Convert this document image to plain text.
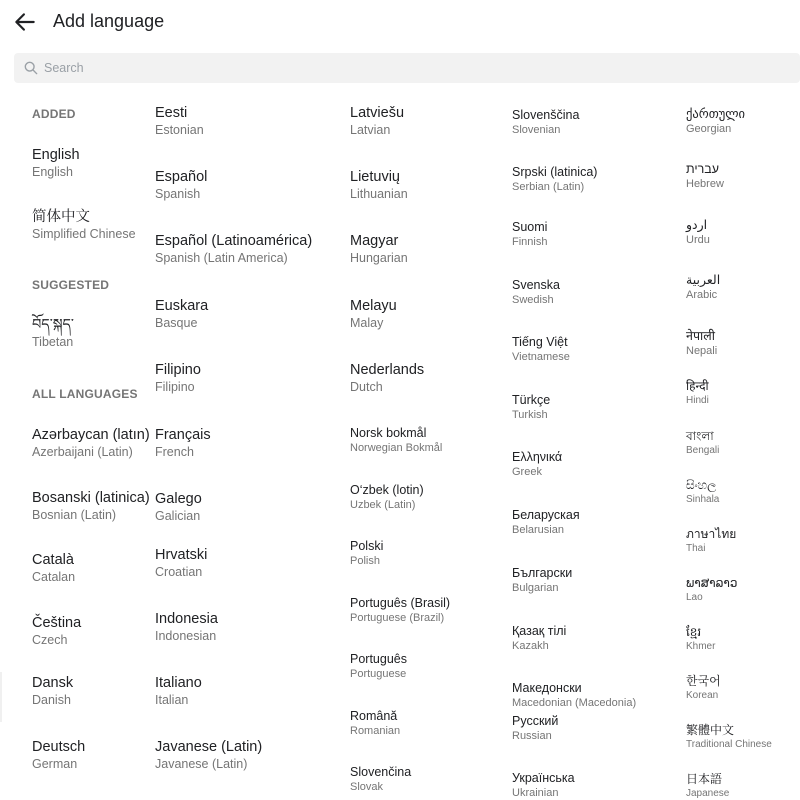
Add language
Search
ADDED
SUGGESTED
ALL LANGUAGES
English
English
简体中文
Simplified Chinese
བོད་སྐད་
Tibetan
Azərbaycan (latın)
Azerbaijani (Latin)
Bosanski (latinica)
Bosnian (Latin)
Català
Catalan
Čeština
Czech
Dansk
Danish
Deutsch
German
Eesti
Estonian
Español
Spanish
Español (Latinoamérica)
Spanish (Latin America)
Euskara
Basque
Filipino
Filipino
Français
French
Galego
Galician
Hrvatski
Croatian
Indonesia
Indonesian
Italiano
Italian
Javanese (Latin)
Javanese (Latin)
Latviešu
Latvian
Lietuvių
Lithuanian
Magyar
Hungarian
Melayu
Malay
Nederlands
Dutch
Norsk bokmål
Norwegian Bokmål
O‘zbek (lotin)
Uzbek (Latin)
Polski
Polish
Português (Brasil)
Portuguese (Brazil)
Português
Portuguese
Română
Romanian
Slovenčina
Slovak
Slovenščina
Slovenian
Srpski (latinica)
Serbian (Latin)
Suomi
Finnish
Svenska
Swedish
Tiếng Việt
Vietnamese
Türkçe
Turkish
Ελληνικά
Greek
Беларуская
Belarusian
Български
Bulgarian
Қазақ тілі
Kazakh
Македонски
Macedonian (Macedonia)
Русский
Russian
Українська
Ukrainian
ქართული
Georgian
עברית
Hebrew
اردو
Urdu
العربية
Arabic
नेपाली
Nepali
हिन्दी
Hindi
বাংলা
Bengali
සිංහල
Sinhala
ภาษาไทย
Thai
ພາສາລາວ
Lao
ខ្មែរ
Khmer
한국어
Korean
繁體中文
Traditional Chinese
日本語
Japanese
